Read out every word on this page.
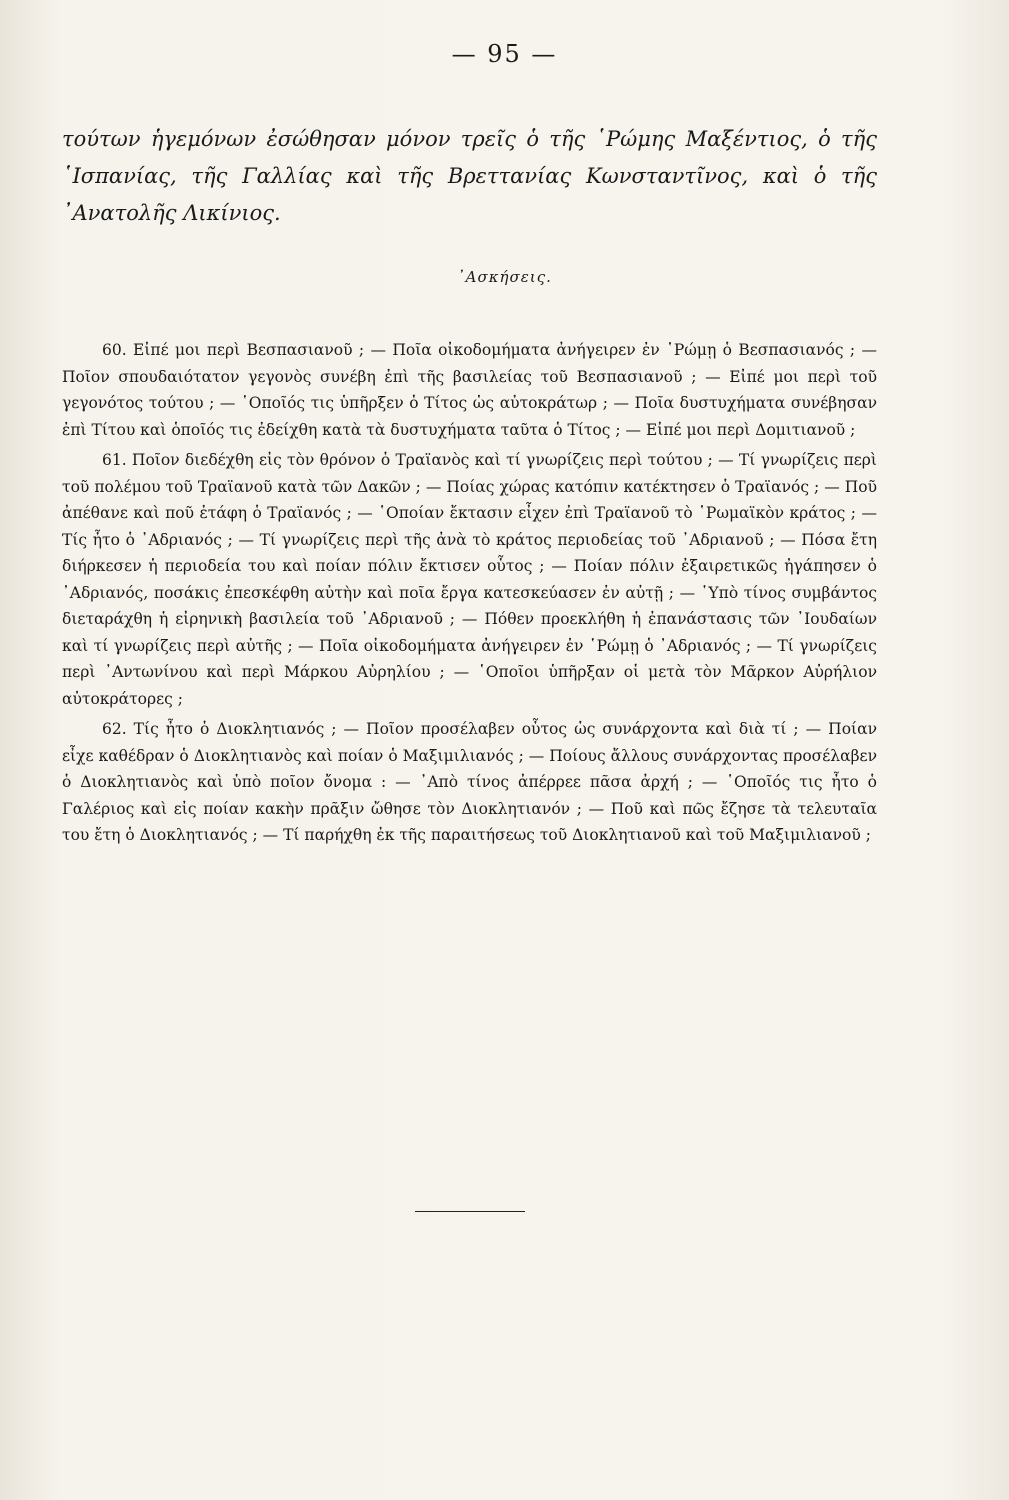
— 95 —

τούτων ἡγεμόνων ἐσώθησαν μόνον τρεῖς ὁ τῆς ῾Ρώμης Μαξέντιος, ὁ τῆς ῾Ισπανίας, τῆς Γαλλίας καὶ τῆς Βρεττανίας Κωνσταντῖνος, καὶ ὁ τῆς ᾿Ανατολῆς Λικίνιος.

᾿Ασκήσεις.

60. Εἰπέ μοι περὶ Βεσπασιανοῦ ; — Ποῖα οἰκοδομήματα ἀνήγειρεν ἐν ῾Ρώμῃ ὁ Βεσπασιανός ; — Ποῖον σπουδαιότατον γεγονὸς συνέβη ἐπὶ τῆς βασιλείας τοῦ Βεσπασιανοῦ ; — Εἰπέ μοι περὶ τοῦ γεγονότος τούτου ; — ῾Οποῖός τις ὑπῆρξεν ὁ Τίτος ὡς αὐτοκράτωρ ; — Ποῖα δυστυχήματα συνέβησαν ἐπὶ Τίτου καὶ ὁποῖός τις ἐδείχθη κατὰ τὰ δυστυχήματα ταῦτα ὁ Τίτος ; — Εἰπέ μοι περὶ Δομιτιανοῦ ;

61. Ποῖον διεδέχθη εἰς τὸν θρόνον ὁ Τραϊανὸς καὶ τί γνωρίζεις περὶ τούτου ; — Τί γνωρίζεις περὶ τοῦ πολέμου τοῦ Τραϊανοῦ κατὰ τῶν Δακῶν ; — Ποίας χώρας κατόπιν κατέκτησεν ὁ Τραϊανός ; — Ποῦ ἀπέθανε καὶ ποῦ ἐτάφη ὁ Τραϊανός ; — ῾Οποίαν ἔκτασιν εἶχεν ἐπὶ Τραϊανοῦ τὸ ῾Ρωμαϊκὸν κράτος ; — Τίς ἦτο ὁ ᾿Αδριανός ; — Τί γνωρίζεις περὶ τῆς ἀνὰ τὸ κράτος περιοδείας τοῦ ᾿Αδριανοῦ ; — Πόσα ἔτη διήρκεσεν ἡ περιοδεία του καὶ ποίαν πόλιν ἔκτισεν οὗτος ; — Ποίαν πόλιν ἐξαιρετικῶς ἠγάπησεν ὁ ᾿Αδριανός, ποσάκις ἐπεσκέφθη αὐτὴν καὶ ποῖα ἔργα κατεσκεύασεν ἐν αὐτῇ ; — ῾Υπὸ τίνος συμβάντος διεταράχθη ἡ εἰρηνικὴ βασιλεία τοῦ ᾿Αδριανοῦ ; — Πόθεν προεκλήθη ἡ ἐπανάστασις τῶν ᾿Ιουδαίων καὶ τί γνωρίζεις περὶ αὐτῆς ; — Ποῖα οἰκοδομήματα ἀνήγειρεν ἐν ῾Ρώμῃ ὁ ᾿Αδριανός ; — Τί γνωρίζεις περὶ ᾿Αντωνίνου καὶ περὶ Μάρκου Αὐρηλίου ; — ῾Οποῖοι ὑπῆρξαν οἱ μετὰ τὸν Μᾶρκον Αὐρήλιον αὐτοκράτορες ;

62. Τίς ἦτο ὁ Διοκλητιανός ; — Ποῖον προσέλαβεν οὗτος ὡς συνάρχοντα καὶ διὰ τί ; — Ποίαν εἶχε καθέδραν ὁ Διοκλητιανὸς καὶ ποίαν ὁ Μαξιμιλιανός ; — Ποίους ἄλλους συνάρχοντας προσέλαβεν ὁ Διοκλητιανὸς καὶ ὑπὸ ποῖον ὄνομα : — ᾿Απὸ τίνος ἀπέρρεε πᾶσα ἀρχή ; — ῾Οποῖός τις ἦτο ὁ Γαλέριος καὶ εἰς ποίαν κακὴν πρᾶξιν ὤθησε τὸν Διοκλητιανόν ; — Ποῦ καὶ πῶς ἔζησε τὰ τελευταῖα του ἔτη ὁ Διοκλητιανός ; — Τί παρήχθη ἐκ τῆς παραιτήσεως τοῦ Διοκλητιανοῦ καὶ τοῦ Μαξιμιλιανοῦ ;
